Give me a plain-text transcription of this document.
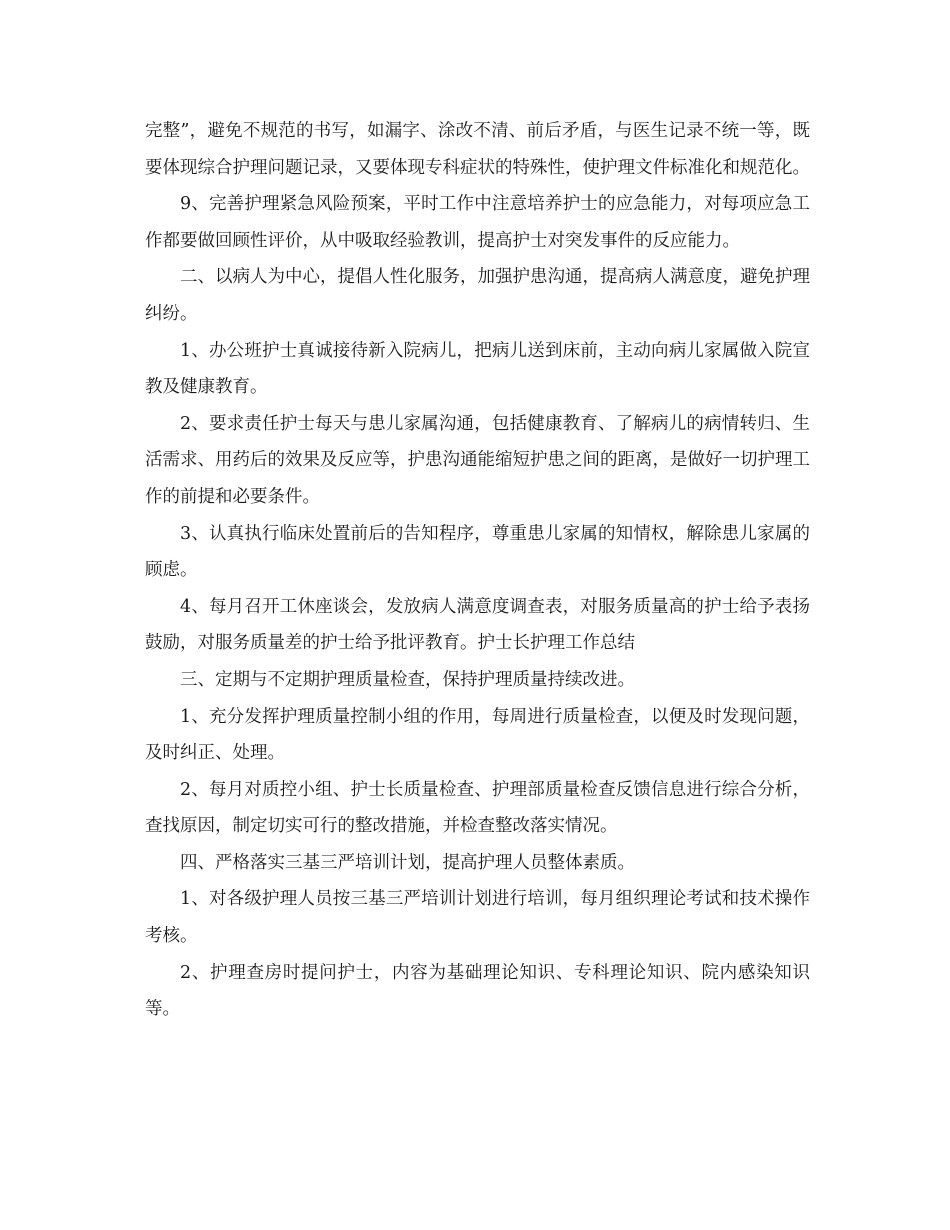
完整”，避免不规范的书写，如漏字、涂改不清、前后矛盾，与医生记录不统一等，既要体现综合护理问题记录，又要体现专科症状的特殊性，使护理文件标准化和规范化。

9、完善护理紧急风险预案，平时工作中注意培养护士的应急能力，对每项应急工作都要做回顾性评价，从中吸取经验教训，提高护士对突发事件的反应能力。

二、以病人为中心，提倡人性化服务，加强护患沟通，提高病人满意度，避免护理纠纷。

1、办公班护士真诚接待新入院病儿，把病儿送到床前，主动向病儿家属做入院宣教及健康教育。

2、要求责任护士每天与患儿家属沟通，包括健康教育、了解病儿的病情转归、生活需求、用药后的效果及反应等，护患沟通能缩短护患之间的距离，是做好一切护理工作的前提和必要条件。

3、认真执行临床处置前后的告知程序，尊重患儿家属的知情权，解除患儿家属的顾虑。

4、每月召开工休座谈会，发放病人满意度调查表，对服务质量高的护士给予表扬鼓励，对服务质量差的护士给予批评教育。护士长护理工作总结

三、定期与不定期护理质量检查，保持护理质量持续改进。

1、充分发挥护理质量控制小组的作用，每周进行质量检查，以便及时发现问题，及时纠正、处理。

2、每月对质控小组、护士长质量检查、护理部质量检查反馈信息进行综合分析，查找原因，制定切实可行的整改措施，并检查整改落实情况。

四、严格落实三基三严培训计划，提高护理人员整体素质。

1、对各级护理人员按三基三严培训计划进行培训，每月组织理论考试和技术操作考核。

2、护理查房时提问护士，内容为基础理论知识、专科理论知识、院内感染知识等。
